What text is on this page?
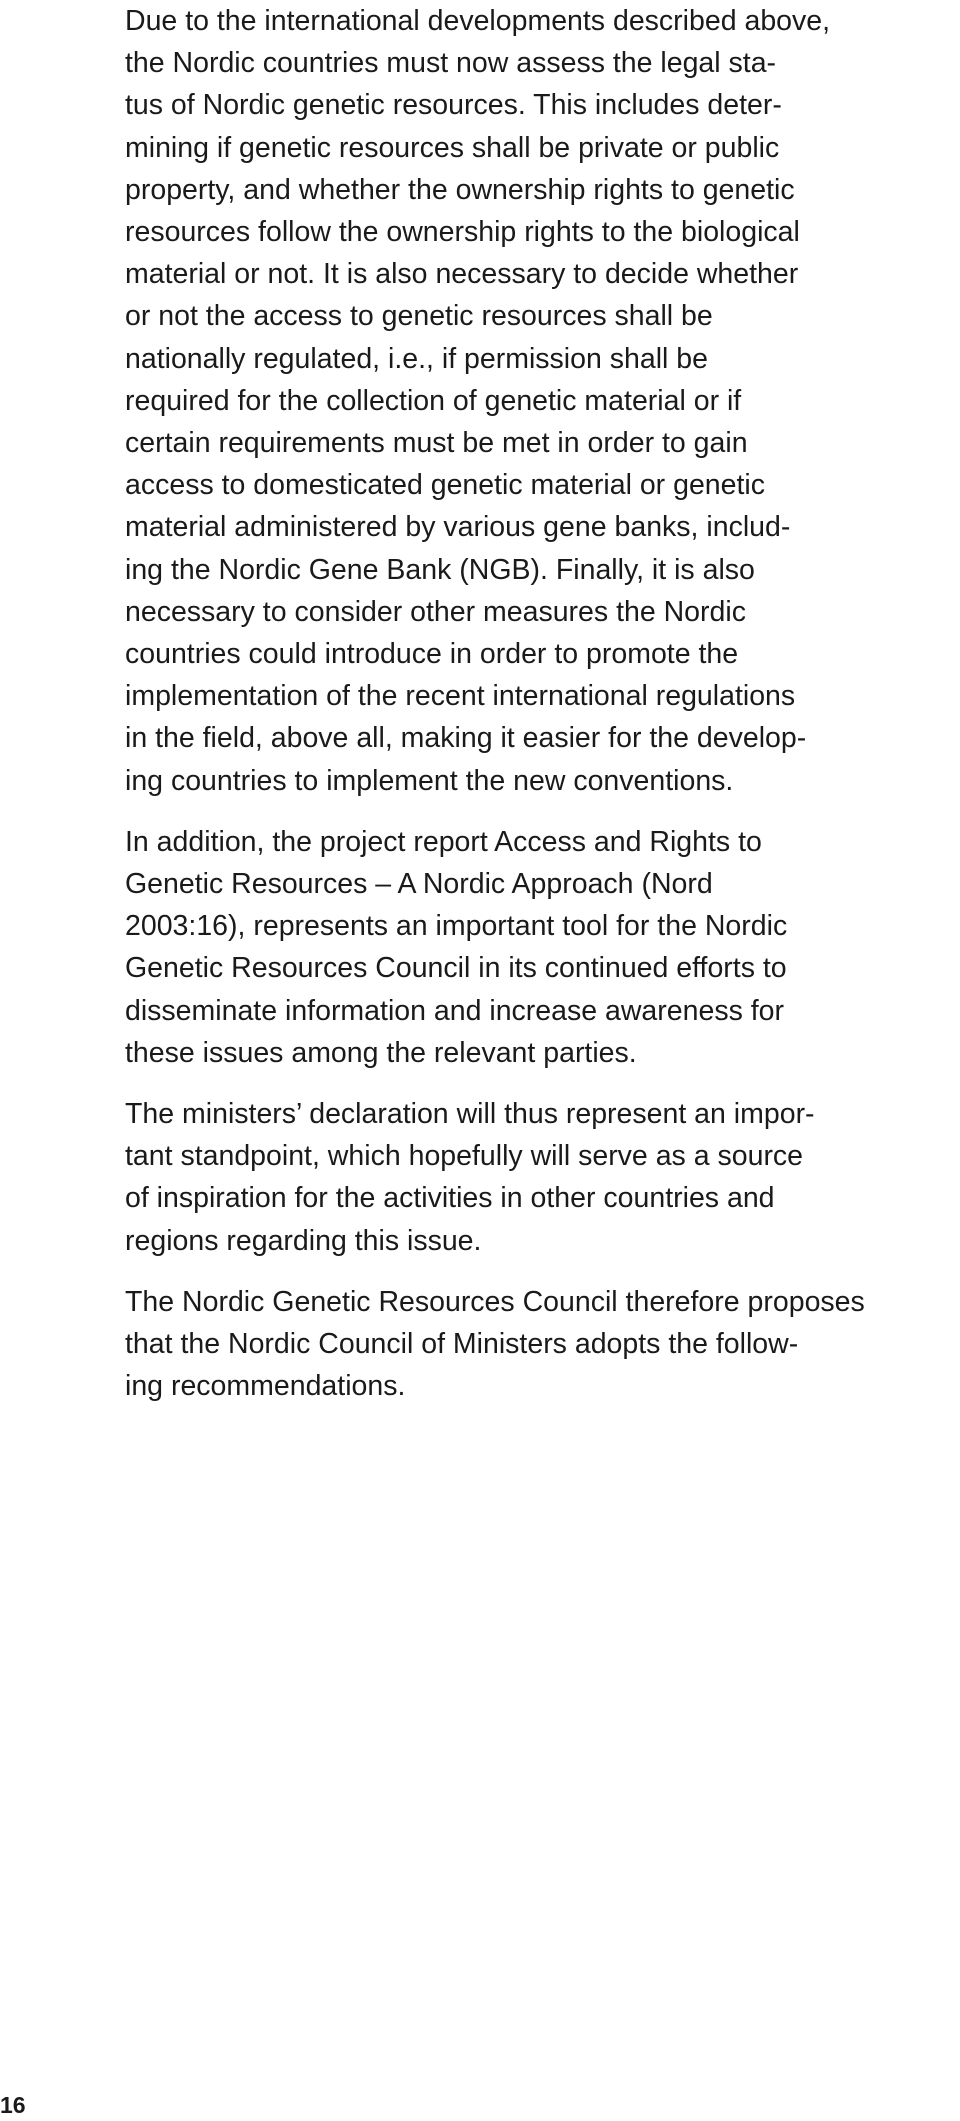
Due to the international developments described above,
the Nordic countries must now assess the legal sta-
tus of Nordic genetic resources. This includes deter-
mining if genetic resources shall be private or public
property, and whether the ownership rights to genetic
resources follow the ownership rights to the biological
material or not. It is also necessary to decide whether
or not the access to genetic resources shall be
nationally regulated, i.e., if permission shall be
required for the collection of genetic material or if
certain requirements must be met in order to gain
access to domesticated genetic material or genetic
material administered by various gene banks, includ-
ing the Nordic Gene Bank (NGB). Finally, it is also
necessary to consider other measures the Nordic
countries could introduce in order to promote the
implementation of the recent international regulations
in the field, above all, making it easier for the develop-
ing countries to implement the new conventions.

In addition, the project report Access and Rights to
Genetic Resources – A Nordic Approach (Nord
2003:16), represents an important tool for the Nordic
Genetic Resources Council in its continued efforts to
disseminate information and increase awareness for
these issues among the relevant parties.

The ministers’ declaration will thus represent an impor-
tant standpoint, which hopefully will serve as a source
of inspiration for the activities in other countries and
regions regarding this issue.

The Nordic Genetic Resources Council therefore proposes
that the Nordic Council of Ministers adopts the follow-
ing recommendations.

16
